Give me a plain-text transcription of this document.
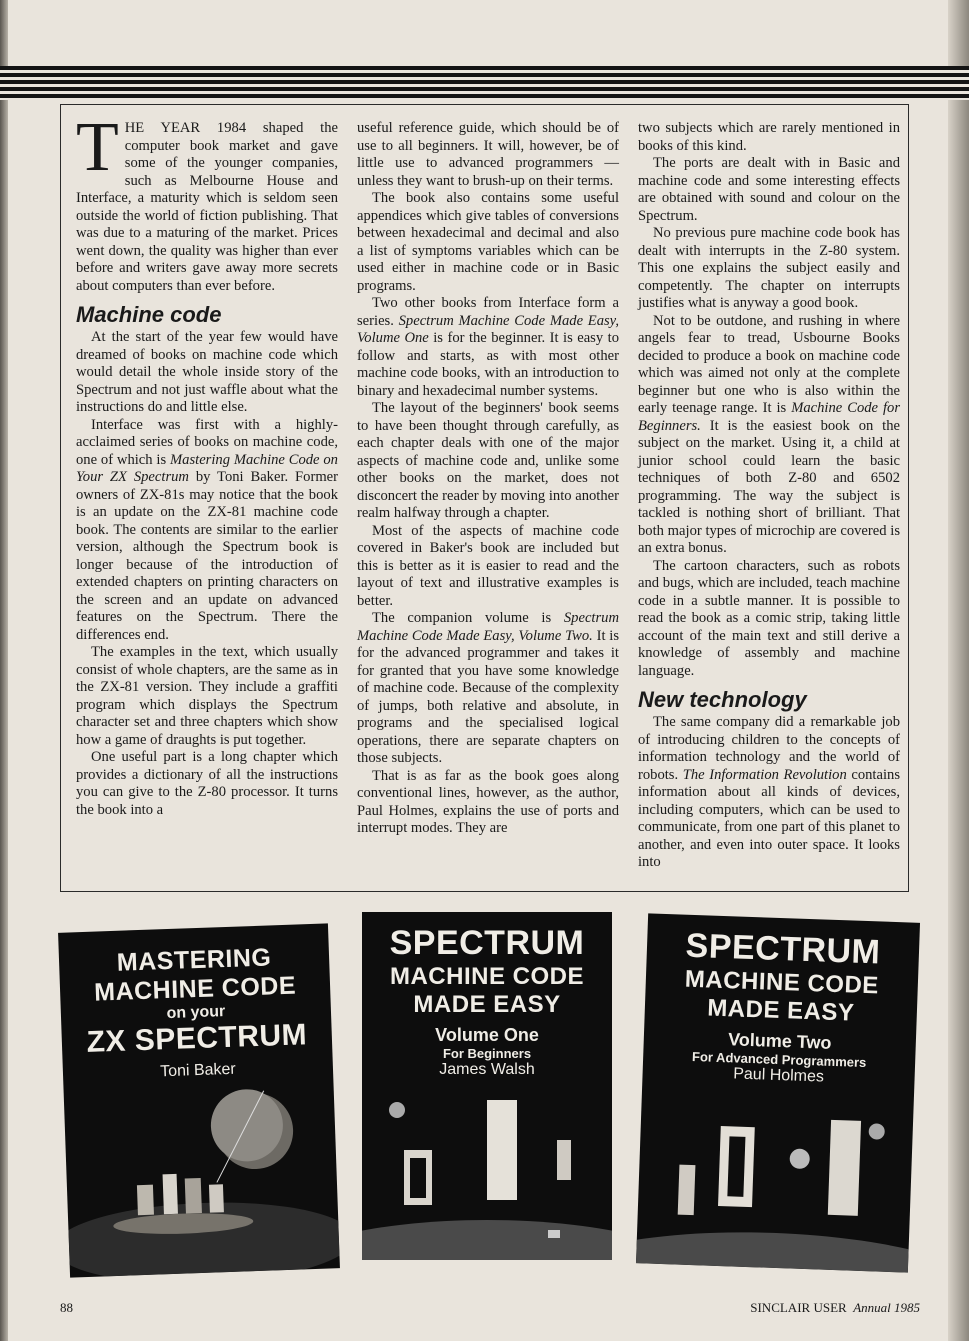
THE YEAR 1984 shaped the computer book market and gave some of the younger companies, such as Melbourne House and Interface, a maturity which is seldom seen outside the world of fiction publishing. That was due to a maturing of the market. Prices went down, the quality was higher than ever before and writers gave away more secrets about computers than ever before.

Machine code

At the start of the year few would have dreamed of books on machine code which would detail the whole inside story of the Spectrum and not just waffle about what the instructions do and little else.

Interface was first with a highly-acclaimed series of books on machine code, one of which is Mastering Machine Code on Your ZX Spectrum by Toni Baker. Former owners of ZX-81s may notice that the book is an update on the ZX-81 machine code book. The contents are similar to the earlier version, although the Spectrum book is longer because of the introduction of extended chapters on printing characters on the screen and an update on advanced features on the Spectrum. There the differences end.

The examples in the text, which usually consist of whole chapters, are the same as in the ZX-81 version. They include a graffiti program which displays the Spectrum character set and three chapters which show how a game of draughts is put together.

One useful part is a long chapter which provides a dictionary of all the instructions you can give to the Z-80 processor. It turns the book into a

useful reference guide, which should be of use to all beginners. It will, however, be of little use to advanced programmers — unless they want to brush-up on their terms.

The book also contains some useful appendices which give tables of conversions between hexadecimal and decimal and also a list of symptoms variables which can be used either in machine code or in Basic programs.

Two other books from Interface form a series. Spectrum Machine Code Made Easy, Volume One is for the beginner. It is easy to follow and starts, as with most other machine code books, with an introduction to binary and hexadecimal number systems.

The layout of the beginners' book seems to have been thought through carefully, as each chapter deals with one of the major aspects of machine code and, unlike some other books on the market, does not disconcert the reader by moving into another realm halfway through a chapter.

Most of the aspects of machine code covered in Baker's book are included but this is better as it is easier to read and the layout of text and illustrative examples is better.

The companion volume is Spectrum Machine Code Made Easy, Volume Two. It is for the advanced programmer and takes it for granted that you have some knowledge of machine code. Because of the complexity of jumps, both relative and absolute, in programs and the specialised logical operations, there are separate chapters on those subjects.

That is as far as the book goes along conventional lines, however, as the author, Paul Holmes, explains the use of ports and interrupt modes. They are

two subjects which are rarely mentioned in books of this kind.

The ports are dealt with in Basic and machine code and some interesting effects are obtained with sound and colour on the Spectrum.

No previous pure machine code book has dealt with interrupts in the Z-80 system. This one explains the subject easily and competently. The chapter on interrupts justifies what is anyway a good book.

Not to be outdone, and rushing in where angels fear to tread, Usbourne Books decided to produce a book on machine code which was aimed not only at the complete beginner but one who is also within the early teenage range. It is Machine Code for Beginners. It is the easiest book on the subject on the market. Using it, a child at junior school could learn the basic techniques of both Z-80 and 6502 programming. The way the subject is tackled is nothing short of brilliant. That both major types of microchip are covered is an extra bonus.

The cartoon characters, such as robots and bugs, which are included, teach machine code in a subtle manner. It is possible to read the book as a comic strip, taking little account of the main text and still derive a knowledge of assembly and machine language.

New technology

The same company did a remarkable job of introducing children to the concepts of information technology and the world of robots. The Information Revolution contains information about all kinds of devices, including computers, which can be used to communicate, from one part of this planet to another, and even into outer space. It looks into

MASTERING
MACHINE CODE
on your
ZX SPECTRUM
Toni Baker
SPECTRUM
MACHINE CODE
MADE EASY
Volume One
For Beginners
James Walsh
SPECTRUM
MACHINE CODE
MADE EASY
Volume Two
For Advanced Programmers
Paul Holmes
88	SINCLAIR USER Annual 1985
